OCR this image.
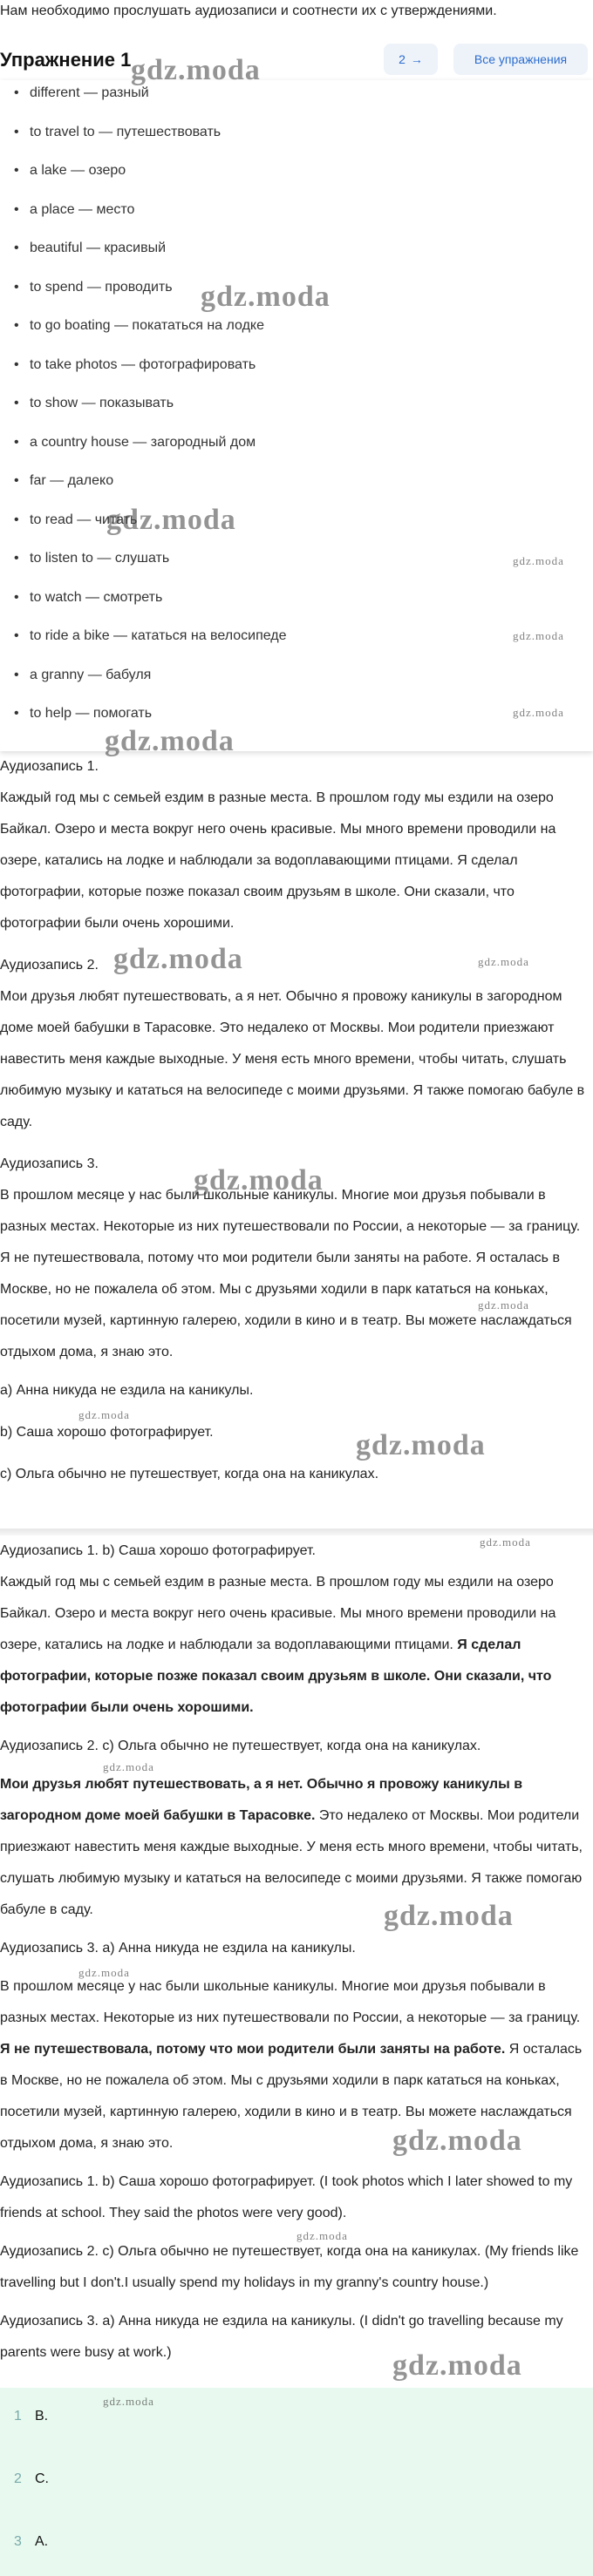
Нам необходимо прослушать аудиозаписи и соотнести их с утверждениями.
Упражнение 1	2 →	Все упражнения
• different — разный
• to travel to — путешествовать
• a lake — озеро
• a place — место
• beautiful — красивый
• to spend — проводить
• to go boating — покататься на лодке
• to take photos — фотографировать
• to show — показывать
• a country house — загородный дом
• far — далеко
• to read — читать
• to listen to — слушать
• to watch — смотреть
• to ride a bike — кататься на велосипеде
• a granny — бабуля
• to help — помогать

Аудиозапись 1.

Каждый год мы с семьей ездим в разные места. В прошлом году мы ездили на озеро Байкал. Озеро и места вокруг него очень красивые. Мы много времени проводили на озере, катались на лодке и наблюдали за водоплавающими птицами. Я сделал фотографии, которые позже показал своим друзьям в школе. Они сказали, что фотографии были очень хорошими.

Аудиозапись 2.

Мои друзья любят путешествовать, а я нет. Обычно я провожу каникулы в загородном доме моей бабушки в Тарасовке. Это недалеко от Москвы. Мои родители приезжают навестить меня каждые выходные. У меня есть много времени, чтобы читать, слушать любимую музыку и кататься на велосипеде с моими друзьями. Я также помогаю бабуле в саду.

Аудиозапись 3.

В прошлом месяце у нас были школьные каникулы. Многие мои друзья побывали в разных местах. Некоторые из них путешествовали по России, а некоторые — за границу. Я не путешествовала, потому что мои родители были заняты на работе. Я осталась в Москве, но не пожалела об этом. Мы с друзьями ходили в парк кататься на коньках, посетили музей, картинную галерею, ходили в кино и в театр. Вы можете наслаждаться отдыхом дома, я знаю это.

a) Анна никуда не ездила на каникулы.

b) Саша хорошо фотографирует.

c) Ольга обычно не путешествует, когда она на каникулах.

Аудиозапись 1. b) Саша хорошо фотографирует.

Каждый год мы с семьей ездим в разные места. В прошлом году мы ездили на озеро Байкал. Озеро и места вокруг него очень красивые. Мы много времени проводили на озере, катались на лодке и наблюдали за водоплавающими птицами. Я сделал фотографии, которые позже показал своим друзьям в школе. Они сказали, что фотографии были очень хорошими.

Аудиозапись 2. c) Ольга обычно не путешествует, когда она на каникулах.

Мои друзья любят путешествовать, а я нет. Обычно я провожу каникулы в загородном доме моей бабушки в Тарасовке. Это недалеко от Москвы. Мои родители приезжают навестить меня каждые выходные. У меня есть много времени, чтобы читать, слушать любимую музыку и кататься на велосипеде с моими друзьями. Я также помогаю бабуле в саду.

Аудиозапись 3. a) Анна никуда не ездила на каникулы.

В прошлом месяце у нас были школьные каникулы. Многие мои друзья побывали в разных местах. Некоторые из них путешествовали по России, а некоторые — за границу. Я не путешествовала, потому что мои родители были заняты на работе. Я осталась в Москве, но не пожалела об этом. Мы с друзьями ходили в парк кататься на коньках, посетили музей, картинную галерею, ходили в кино и в театр. Вы можете наслаждаться отдыхом дома, я знаю это.

Аудиозапись 1. b) Саша хорошо фотографирует. (I took photos which I later showed to my friends at school. They said the photos were very good).

Аудиозапись 2. c) Ольга обычно не путешествует, когда она на каникулах. (My friends like travelling but I don't.I usually spend my holidays in my granny's country house.)

Аудиозапись 3. a) Анна никуда не ездила на каникулы. (I didn't go travelling because my parents were busy at work.)

1 B.
2 C.
3 A.
gdz.moda
gdz.moda
gdz.moda
gdz.moda
gdz.moda
gdz.moda
gdz.moda
gdz.moda
gdz.moda
gdz.moda
gdz.moda
gdz.moda
gdz.moda
gdz.moda
gdz.moda
gdz.moda
gdz.moda
gdz.moda
gdz.moda
gdz.moda
gdz.moda
